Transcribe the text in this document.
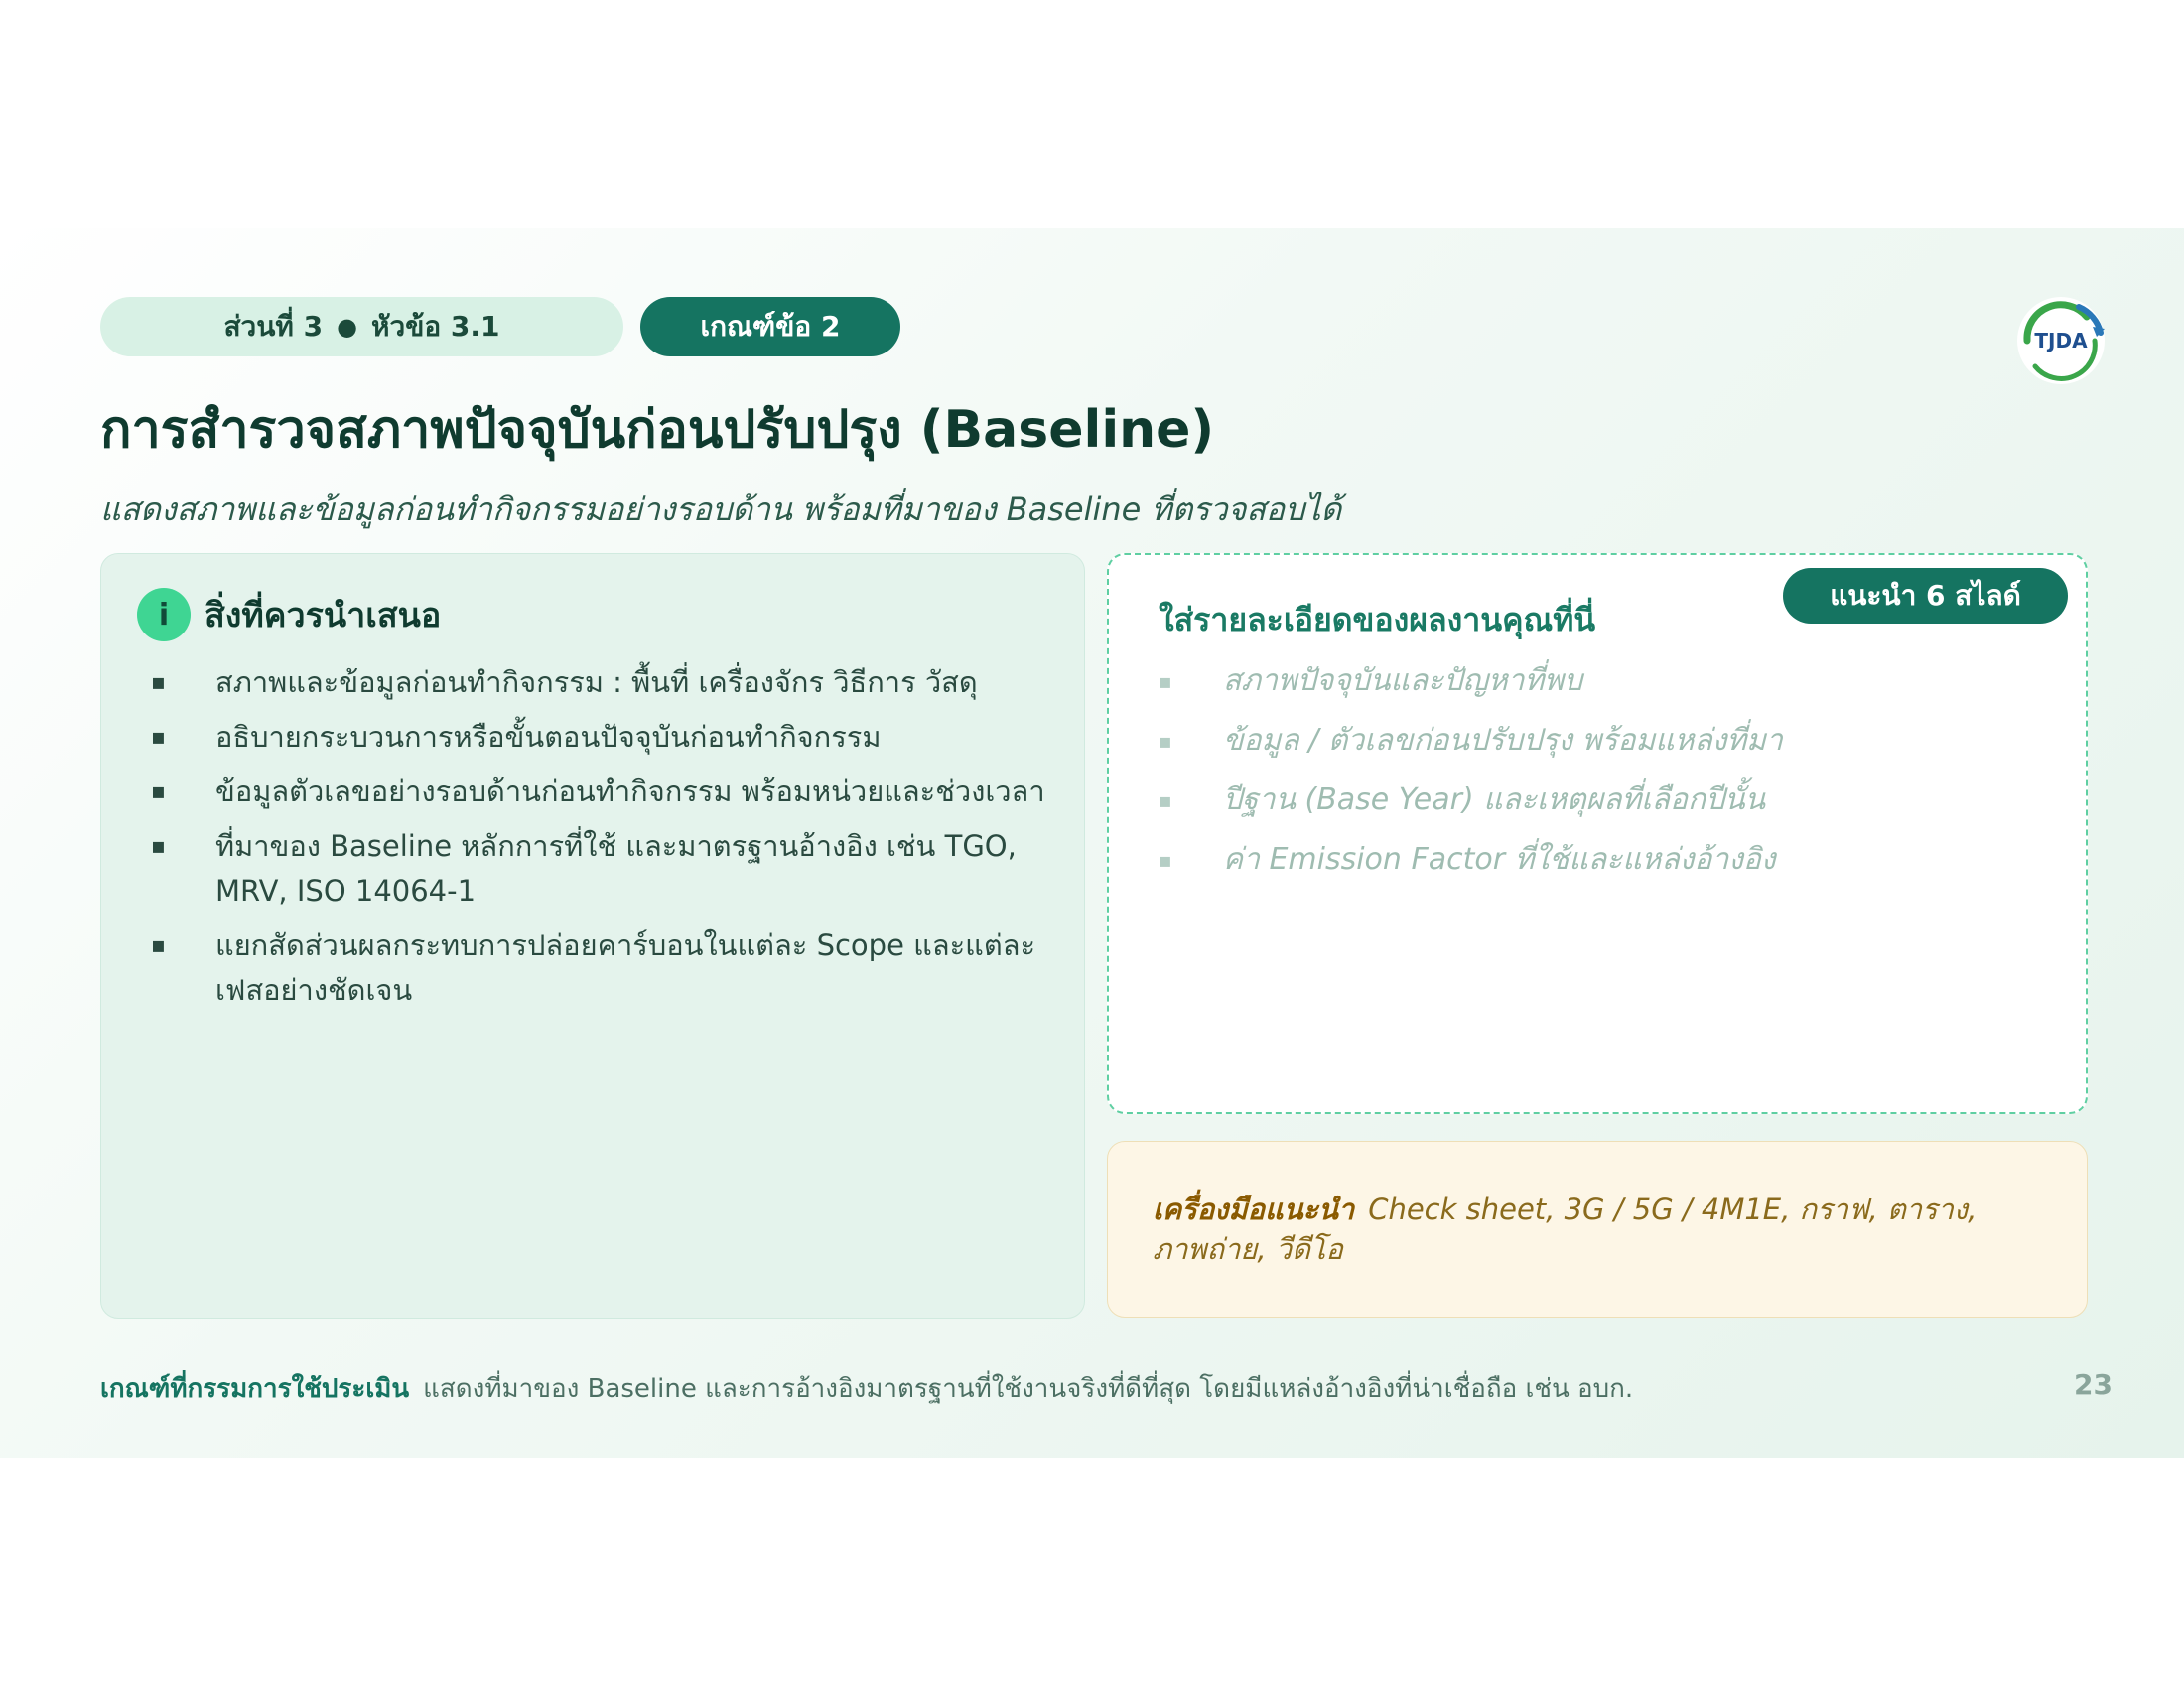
ส่วนที่ 3 ● หัวข้อ 3.1	เกณฑ์ข้อ 2	TJDA
การสำรวจสภาพปัจจุบันก่อนปรับปรุง (Baseline)
แสดงสภาพและข้อมูลก่อนทำกิจกรรมอย่างรอบด้าน พร้อมที่มาของ Baseline ที่ตรวจสอบได้
i	สิ่งที่ควรนำเสนอ
▪ สภาพและข้อมูลก่อนทำกิจกรรม : พื้นที่ เครื่องจักร วิธีการ วัสดุ
▪ อธิบายกระบวนการหรือขั้นตอนปัจจุบันก่อนทำกิจกรรม
▪ ข้อมูลตัวเลขอย่างรอบด้านก่อนทำกิจกรรม พร้อมหน่วยและช่วงเวลา
▪ ที่มาของ Baseline หลักการที่ใช้ และมาตรฐานอ้างอิง เช่น TGO, MRV, ISO 14064-1
▪ แยกสัดส่วนผลกระทบการปล่อยคาร์บอนในแต่ละ Scope และแต่ละเฟสอย่างชัดเจน
ใส่รายละเอียดของผลงานคุณที่นี่
แนะนำ 6 สไลด์
▪ สภาพปัจจุบันและปัญหาที่พบ
▪ ข้อมูล / ตัวเลขก่อนปรับปรุง พร้อมแหล่งที่มา
▪ ปีฐาน (Base Year) และเหตุผลที่เลือกปีนั้น
▪ ค่า Emission Factor ที่ใช้และแหล่งอ้างอิง
เครื่องมือแนะนำ Check sheet, 3G / 5G / 4M1E, กราฟ, ตาราง, ภาพถ่าย, วีดีโอ
เกณฑ์ที่กรรมการใช้ประเมิน แสดงที่มาของ Baseline และการอ้างอิงมาตรฐานที่ใช้งานจริงที่ดีที่สุด โดยมีแหล่งอ้างอิงที่น่าเชื่อถือ เช่น อบก.	23
